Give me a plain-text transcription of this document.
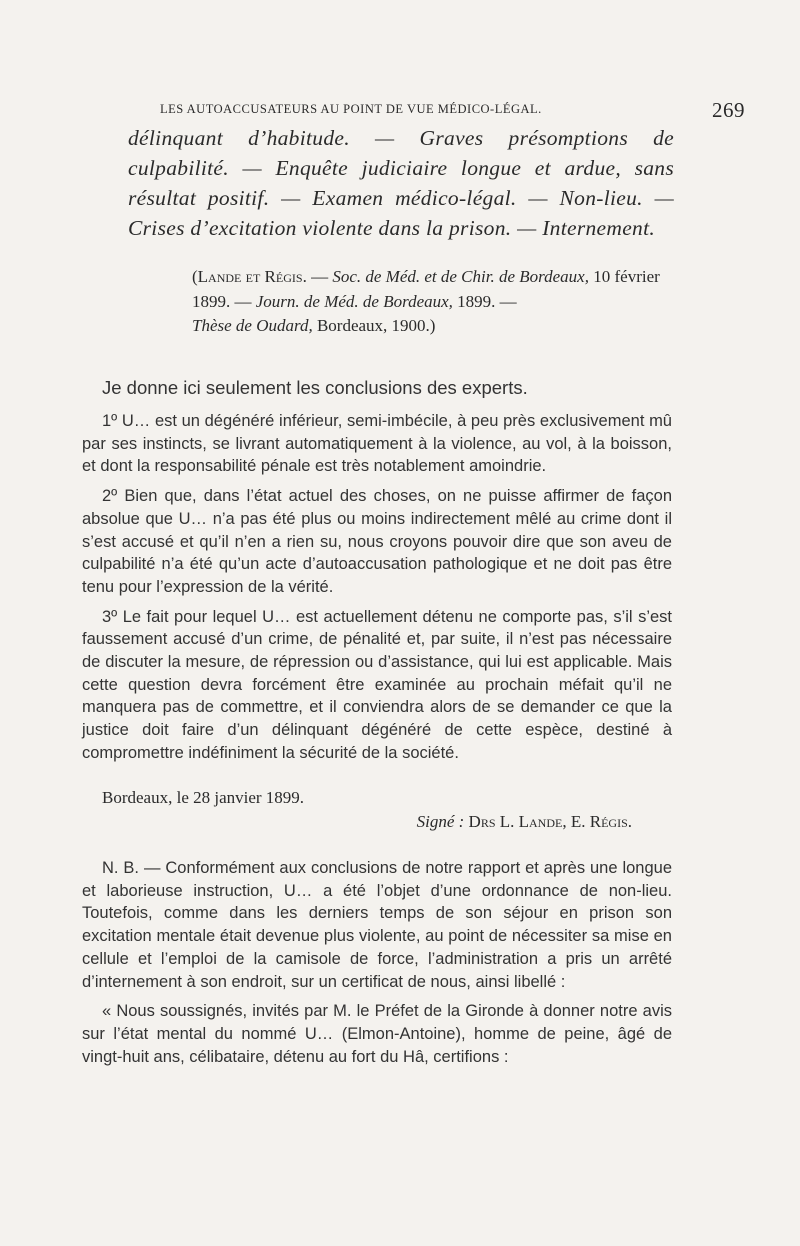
LES AUTOACCUSATEURS AU POINT DE VUE MÉDICO-LÉGAL.	269
délinquant d’habitude. — Graves présomptions de culpabilité. — Enquête judiciaire longue et ardue, sans résultat positif. — Examen médico-légal. — Non-lieu. — Crises d’excitation violente dans la prison. — Internement.
(Lande et Régis. — Soc. de Méd. et de Chir. de Bordeaux, 10 février 1899. — Journ. de Méd. de Bordeaux, 1899. —
Thèse de Oudard, Bordeaux, 1900.)

Je donne ici seulement les conclusions des experts.

1º U… est un dégénéré inférieur, semi-imbécile, à peu près exclusivement mû par ses instincts, se livrant automatiquement à la violence, au vol, à la boisson, et dont la responsabilité pénale est très notablement amoindrie.

2º Bien que, dans l’état actuel des choses, on ne puisse affirmer de façon absolue que U… n’a pas été plus ou moins indirectement mêlé au crime dont il s’est accusé et qu’il n’en a rien su, nous croyons pouvoir dire que son aveu de culpabilité n’a été qu’un acte d’autoaccusation pathologique et ne doit pas être tenu pour l’expression de la vérité.

3º Le fait pour lequel U… est actuellement détenu ne comporte pas, s’il s’est faussement accusé d’un crime, de pénalité et, par suite, il n’est pas nécessaire de discuter la mesure, de répression ou d’assistance, qui lui est applicable. Mais cette question devra forcément être examinée au prochain méfait qu’il ne manquera pas de commettre, et il conviendra alors de se demander ce que la justice doit faire d’un délinquant dégénéré de cette espèce, destiné à compromettre indéfiniment la sécurité de la société.

Bordeaux, le 28 janvier 1899.
Signé : Drs L. Lande, E. Régis.

N. B. — Conformément aux conclusions de notre rapport et après une longue et laborieuse instruction, U… a été l’objet d’une ordonnance de non-lieu. Toutefois, comme dans les derniers temps de son séjour en prison son excitation mentale était devenue plus violente, au point de nécessiter sa mise en cellule et l’emploi de la camisole de force, l’administration a pris un arrêté d’internement à son endroit, sur un certificat de nous, ainsi libellé :

« Nous soussignés, invités par M. le Préfet de la Gironde à donner notre avis sur l’état mental du nommé U… (Elmon-Antoine), homme de peine, âgé de vingt-huit ans, célibataire, détenu au fort du Hâ, certifions :
